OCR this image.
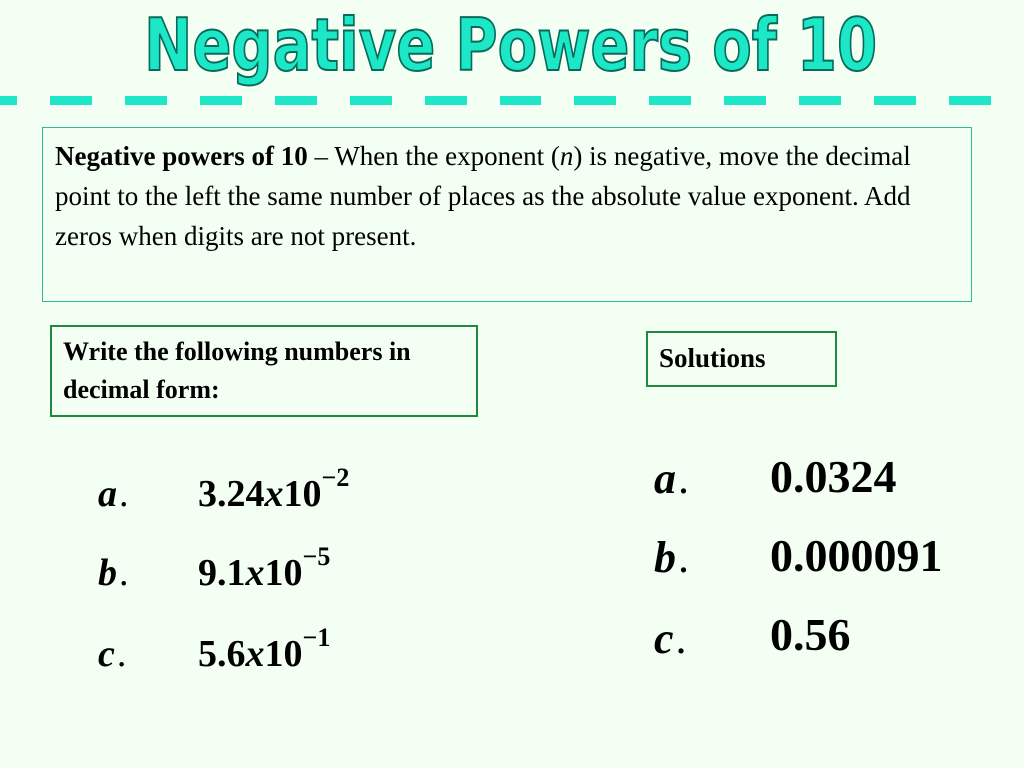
Negative Powers of 10
Negative powers of 10 – When the exponent (n) is negative, move the decimal point to the left the same number of places as the absolute value exponent. Add zeros when digits are not present.
Write the following numbers in decimal form:
Solutions
a. $3.24x10^{-2}$
b. $9.1x10^{-5}$
c. $5.6x10^{-1}$
a. 0.0324
b. 0.000091
c. 0.56
